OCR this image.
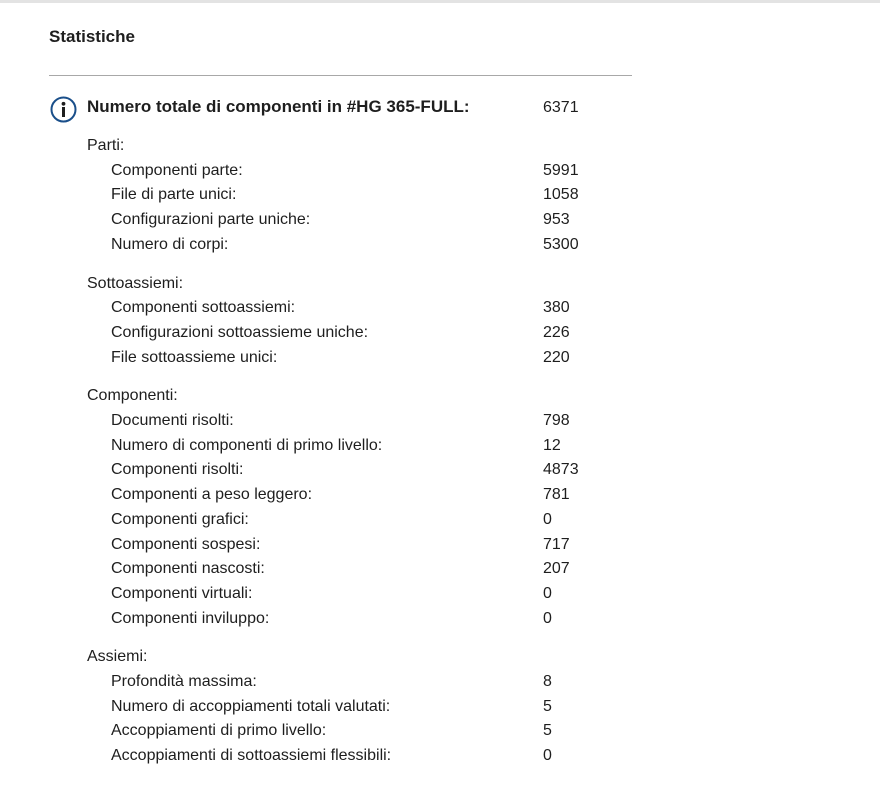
Statistiche
Numero totale di componenti in #HG 365-FULL:	6371
Parti:
Componenti parte:	5991
File di parte unici:	1058
Configurazioni parte uniche:	953
Numero di corpi:	5300
Sottoassiemi:
Componenti sottoassiemi:	380
Configurazioni sottoassieme uniche:	226
File sottoassieme unici:	220
Componenti:
Documenti risolti:	798
Numero di componenti di primo livello:	12
Componenti risolti:	4873
Componenti a peso leggero:	781
Componenti grafici:	0
Componenti sospesi:	717
Componenti nascosti:	207
Componenti virtuali:	0
Componenti inviluppo:	0
Assiemi:
Profondità massima:	8
Numero di accoppiamenti totali valutati:	5
Accoppiamenti di primo livello:	5
Accoppiamenti di sottoassiemi flessibili:	0
